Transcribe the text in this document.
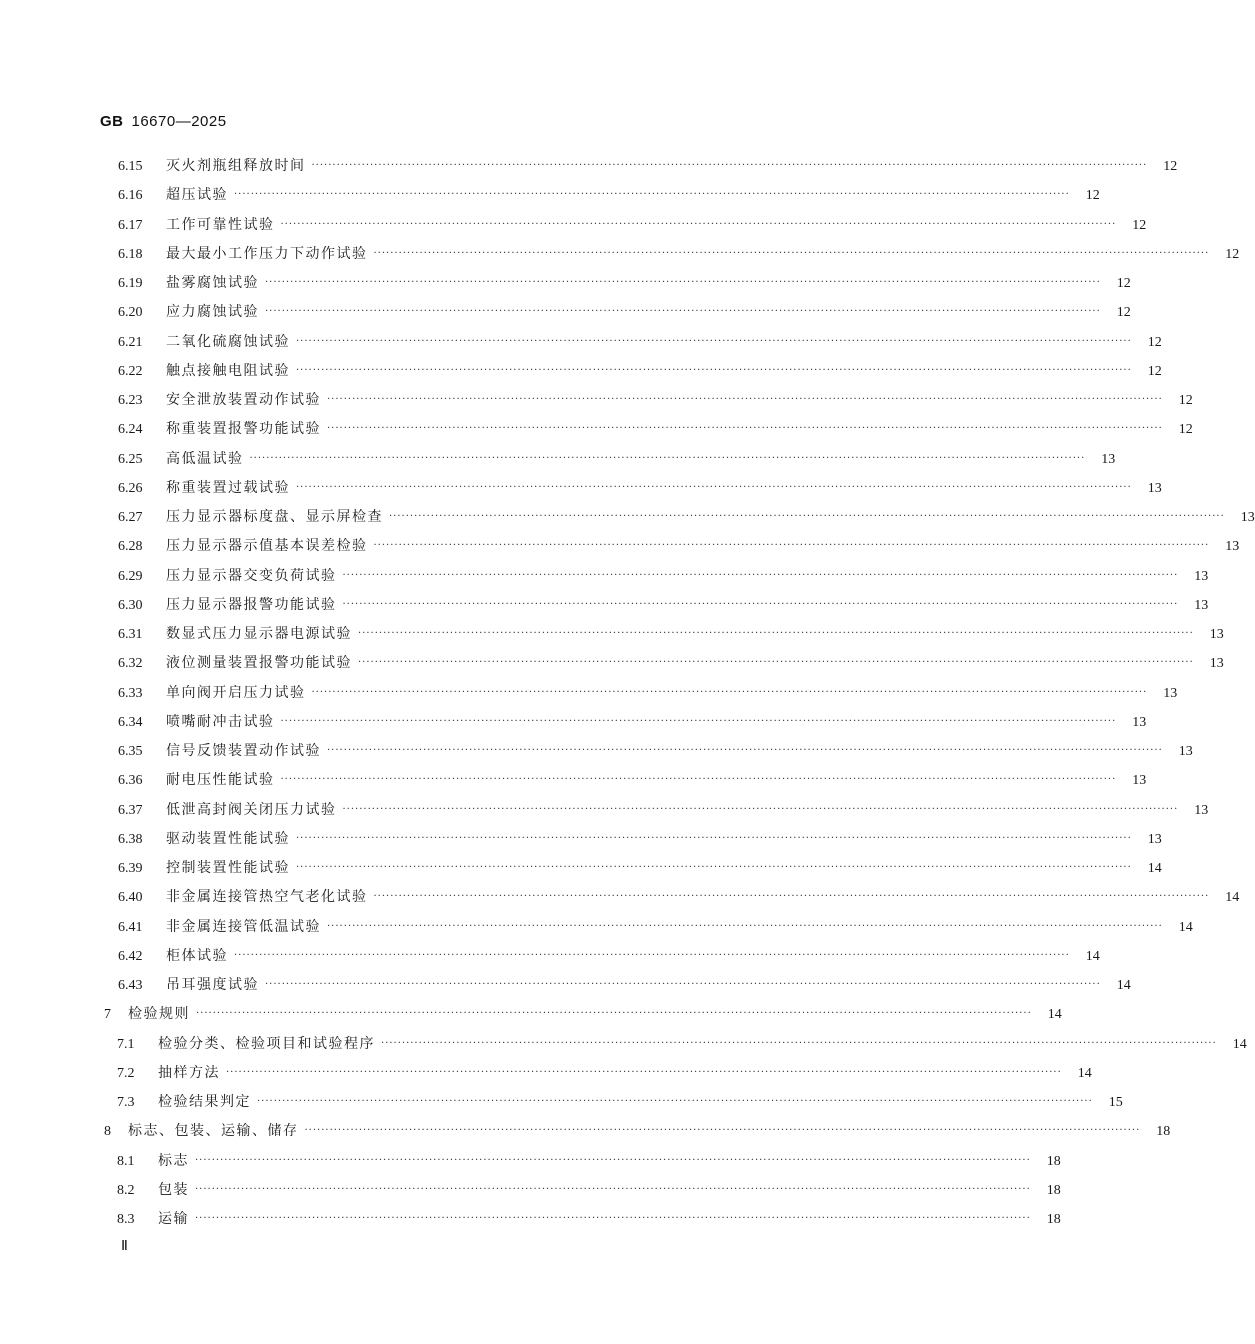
GB 16670—2025
6.15	灭火剂瓶组释放时间 ········································································································································································································	12
6.16	超压试验 ········································································································································································································	12
6.17	工作可靠性试验 ········································································································································································································	12
6.18	最大最小工作压力下动作试验 ········································································································································································································	12
6.19	盐雾腐蚀试验 ········································································································································································································	12
6.20	应力腐蚀试验 ········································································································································································································	12
6.21	二氧化硫腐蚀试验 ········································································································································································································	12
6.22	触点接触电阻试验 ········································································································································································································	12
6.23	安全泄放装置动作试验 ········································································································································································································	12
6.24	称重装置报警功能试验 ········································································································································································································	12
6.25	高低温试验 ········································································································································································································	13
6.26	称重装置过载试验 ········································································································································································································	13
6.27	压力显示器标度盘、显示屏检查 ········································································································································································································	13
6.28	压力显示器示值基本误差检验 ········································································································································································································	13
6.29	压力显示器交变负荷试验 ········································································································································································································	13
6.30	压力显示器报警功能试验 ········································································································································································································	13
6.31	数显式压力显示器电源试验 ········································································································································································································	13
6.32	液位测量装置报警功能试验 ········································································································································································································	13
6.33	单向阀开启压力试验 ········································································································································································································	13
6.34	喷嘴耐冲击试验 ········································································································································································································	13
6.35	信号反馈装置动作试验 ········································································································································································································	13
6.36	耐电压性能试验 ········································································································································································································	13
6.37	低泄高封阀关闭压力试验 ········································································································································································································	13
6.38	驱动装置性能试验 ········································································································································································································	13
6.39	控制装置性能试验 ········································································································································································································	14
6.40	非金属连接管热空气老化试验 ········································································································································································································	14
6.41	非金属连接管低温试验 ········································································································································································································	14
6.42	柜体试验 ········································································································································································································	14
6.43	吊耳强度试验 ········································································································································································································	14
7	检验规则 ········································································································································································································	14
7.1	检验分类、检验项目和试验程序 ········································································································································································································	14
7.2	抽样方法 ········································································································································································································	14
7.3	检验结果判定 ········································································································································································································	15
8	标志、包装、运输、储存 ········································································································································································································	18
8.1	标志 ········································································································································································································	18
8.2	包装 ········································································································································································································	18
8.3	运输 ········································································································································································································	18
Ⅱ
